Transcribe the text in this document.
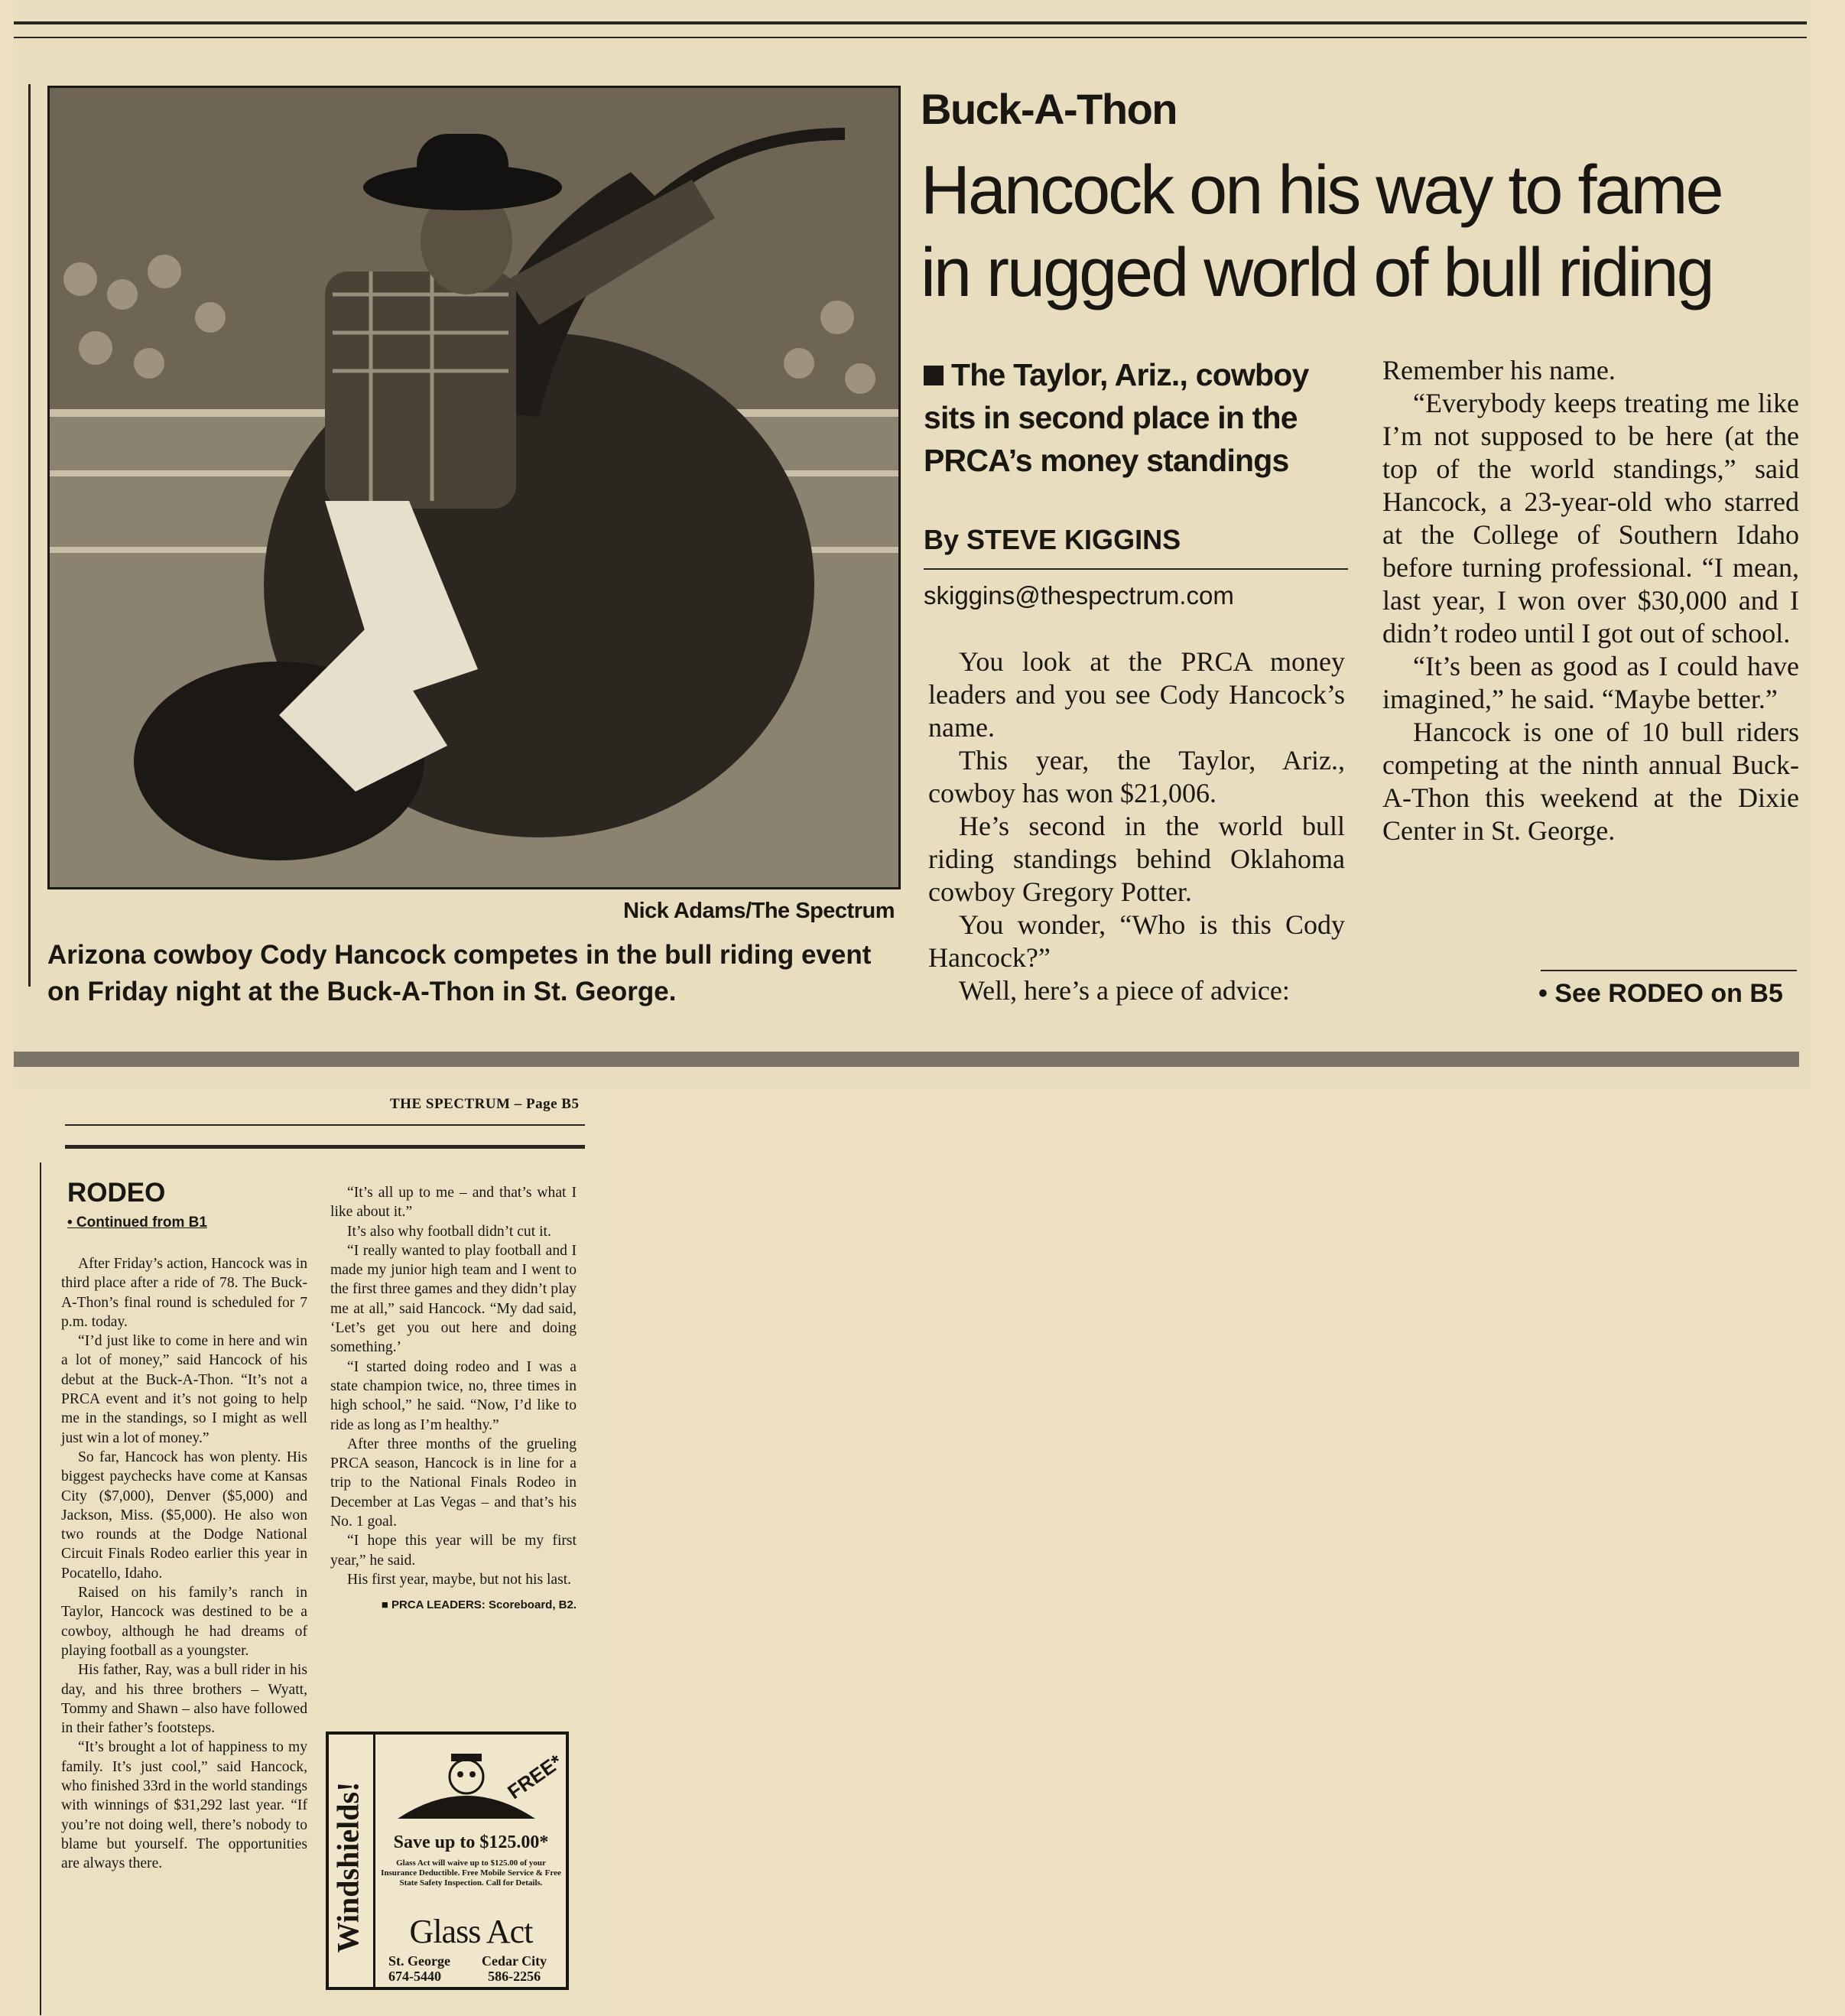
Nick Adams/The Spectrum
Arizona cowboy Cody Hancock competes in the bull riding event on Friday night at the Buck-A-Thon in St. George.
Buck-A-Thon
Hancock on his way to fame
in rugged world of bull riding
The Taylor, Ariz., cowboy sits in second place in the PRCA’s money standings
By STEVE KIGGINS
skiggins@thespectrum.com

You look at the PRCA money leaders and you see Cody Hancock’s name.

This year, the Taylor, Ariz., cowboy has won $21,006.

He’s second in the world bull riding standings behind Oklahoma cowboy Gregory Potter.

You wonder, “Who is this Cody Hancock?”

Well, here’s a piece of advice:

Remember his name.

“Everybody keeps treating me like I’m not supposed to be here (at the top of the world standings,” said Hancock, a 23-year-old who starred at the College of Southern Idaho before turning professional. “I mean, last year, I won over $30,000 and I didn’t rodeo until I got out of school.

“It’s been as good as I could have imagined,” he said. “Maybe better.”

Hancock is one of 10 bull riders competing at the ninth annual Buck-A-Thon this weekend at the Dixie Center in St. George.

• See RODEO on B5
THE SPECTRUM – Page B5
RODEO
• Continued from B1

After Friday’s action, Hancock was in third place after a ride of 78. The Buck-A-Thon’s final round is scheduled for 7 p.m. today.

“I’d just like to come in here and win a lot of money,” said Hancock of his debut at the Buck-A-Thon. “It’s not a PRCA event and it’s not going to help me in the standings, so I might as well just win a lot of money.”

So far, Hancock has won plenty. His biggest paychecks have come at Kansas City ($7,000), Denver ($5,000) and Jackson, Miss. ($5,000). He also won two rounds at the Dodge National Circuit Finals Rodeo earlier this year in Pocatello, Idaho.

Raised on his family’s ranch in Taylor, Hancock was destined to be a cowboy, although he had dreams of playing football as a youngster.

His father, Ray, was a bull rider in his day, and his three brothers – Wyatt, Tommy and Shawn – also have followed in their father’s footsteps.

“It’s brought a lot of happiness to my family. It’s just cool,” said Hancock, who finished 33rd in the world standings with winnings of $31,292 last year. “If you’re not doing well, there’s nobody to blame but yourself. The opportunities are always there.

“It’s all up to me – and that’s what I like about it.”

It’s also why football didn’t cut it.

“I really wanted to play football and I made my junior high team and I went to the first three games and they didn’t play me at all,” said Hancock. “My dad said, ‘Let’s get you out here and doing something.’

“I started doing rodeo and I was a state champion twice, no, three times in high school,” he said. “Now, I’d like to ride as long as I’m healthy.”

After three months of the grueling PRCA season, Hancock is in line for a trip to the National Finals Rodeo in December at Las Vegas – and that’s his No. 1 goal.

“I hope this year will be my first year,” he said.

His first year, maybe, but not his last.

■ PRCA LEADERS: Scoreboard, B2.

Windshields!
FREE*
Save up to $125.00*
Glass Act will waive up to $125.00 of your Insurance Deductible. Free Mobile Service & Free State Safety Inspection. Call for Details.
Glass Act
St. George
674-5440
Cedar City
586-2256
